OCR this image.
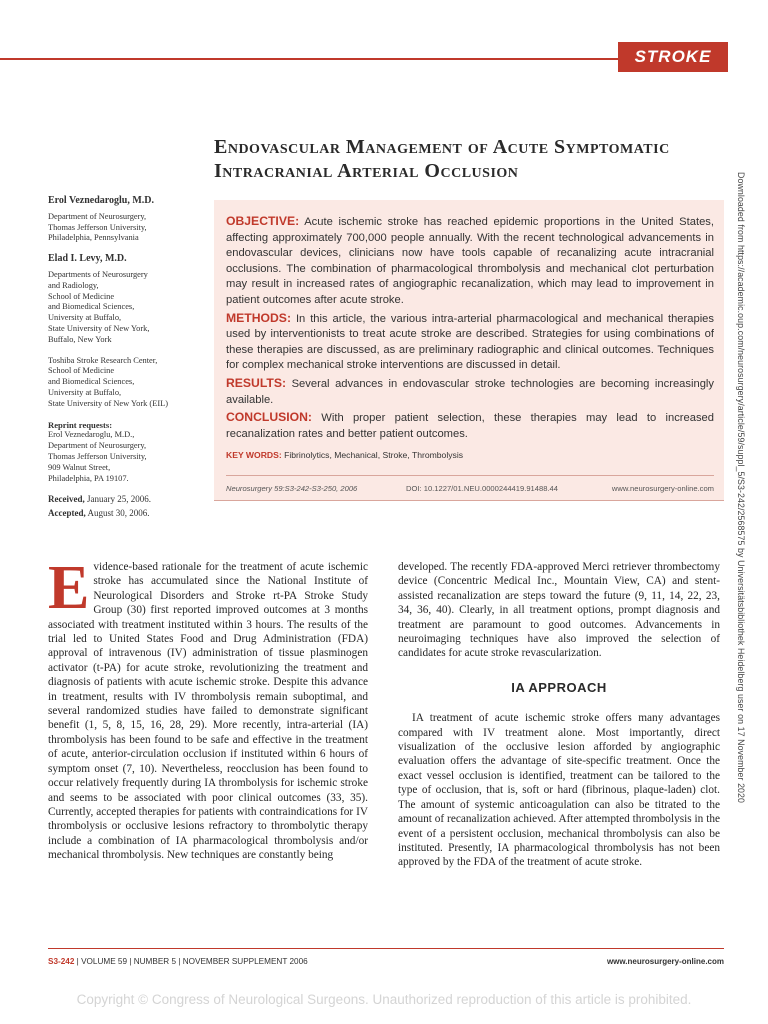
STROKE
Endovascular Management of Acute Symptomatic
Intracranial Arterial Occlusion
Erol Veznedaroglu, M.D.
Department of Neurosurgery,
Thomas Jefferson University,
Philadelphia, Pennsylvania
Elad I. Levy, M.D.
Departments of Neurosurgery
and Radiology,
School of Medicine
and Biomedical Sciences,
University at Buffalo,
State University of New York,
Buffalo, New York
Toshiba Stroke Research Center,
School of Medicine
and Biomedical Sciences,
University at Buffalo,
State University of New York (EIL)
Reprint requests:
Erol Veznedaroglu, M.D.,
Department of Neurosurgery,
Thomas Jefferson University,
909 Walnut Street,
Philadelphia, PA 19107.
Received, January 25, 2006.
Accepted, August 30, 2006.
OBJECTIVE: Acute ischemic stroke has reached epidemic proportions in the United States, affecting approximately 700,000 people annually. With the recent technological advancements in endovascular devices, clinicians now have tools capable of recanalizing acute intracranial occlusions. The combination of pharmacological thrombolysis and mechanical clot perturbation may result in increased rates of angiographic recanalization, which may lead to improvement in patient outcomes after acute stroke.
METHODS: In this article, the various intra-arterial pharmacological and mechanical therapies used by interventionists to treat acute stroke are described. Strategies for using combinations of these therapies are discussed, as are preliminary radiographic and clinical outcomes. Techniques for complex mechanical stroke interventions are discussed in detail.
RESULTS: Several advances in endovascular stroke technologies are becoming increasingly available.
CONCLUSION: With proper patient selection, these therapies may lead to increased recanalization rates and better patient outcomes.
KEY WORDS: Fibrinolytics, Mechanical, Stroke, Thrombolysis
Neurosurgery 59:S3-242-S3-250, 2006	DOI: 10.1227/01.NEU.0000244419.91488.44	www.neurosurgery-online.com
Evidence-based rationale for the treatment of acute ischemic stroke has accumulated since the National Institute of Neurological Disorders and Stroke rt-PA Stroke Study Group (30) first reported improved outcomes at 3 months associated with treatment instituted within 3 hours. The results of the trial led to United States Food and Drug Administration (FDA) approval of intravenous (IV) administration of tissue plasminogen activator (t-PA) for acute stroke, revolutionizing the treatment and diagnosis of patients with acute ischemic stroke. Despite this advance in treatment, results with IV thrombolysis remain suboptimal, and several randomized studies have failed to demonstrate significant benefit (1, 5, 8, 15, 16, 28, 29). More recently, intra-arterial (IA) thrombolysis has been found to be safe and effective in the treatment of acute, anterior-circulation occlusion if instituted within 6 hours of symptom onset (7, 10). Nevertheless, reocclusion has been found to occur relatively frequently during IA thrombolysis for ischemic stroke and seems to be associated with poor clinical outcomes (33, 35). Currently, accepted therapies for patients with contraindications for IV thrombolysis or occlusive lesions refractory to thrombolytic therapy include a combination of IA pharmacological thrombolysis and/or mechanical thrombolysis. New techniques are constantly being
developed. The recently FDA-approved Merci retriever thrombectomy device (Concentric Medical Inc., Mountain View, CA) and stent-assisted recanalization are steps toward the future (9, 11, 14, 22, 23, 34, 36, 40). Clearly, in all treatment options, prompt diagnosis and treatment are paramount to good outcomes. Advancements in neuroimaging techniques have also improved the selection of candidates for acute stroke revascularization.
IA APPROACH
IA treatment of acute ischemic stroke offers many advantages compared with IV treatment alone. Most importantly, direct visualization of the occlusive lesion afforded by angiographic evaluation offers the advantage of site-specific treatment. Once the exact vessel occlusion is identified, treatment can be tailored to the type of occlusion, that is, soft or hard (fibrinous, plaque-laden) clot. The amount of systemic anticoagulation can also be titrated to the amount of recanalization achieved. After attempted thrombolysis in the event of a persistent occlusion, mechanical thrombolysis can also be instituted. Presently, IA pharmacological thrombolysis has not been approved by the FDA of the treatment of acute stroke.
S3-242 | VOLUME 59 | NUMBER 5 | NOVEMBER SUPPLEMENT 2006	www.neurosurgery-online.com
Copyright © Congress of Neurological Surgeons. Unauthorized reproduction of this article is prohibited.
Downloaded from https://academic.oup.com/neurosurgery/article/59/suppl_5/S3-242/2568575 by Universitätsbibliothek Heidelberg user on 17 November 2020
